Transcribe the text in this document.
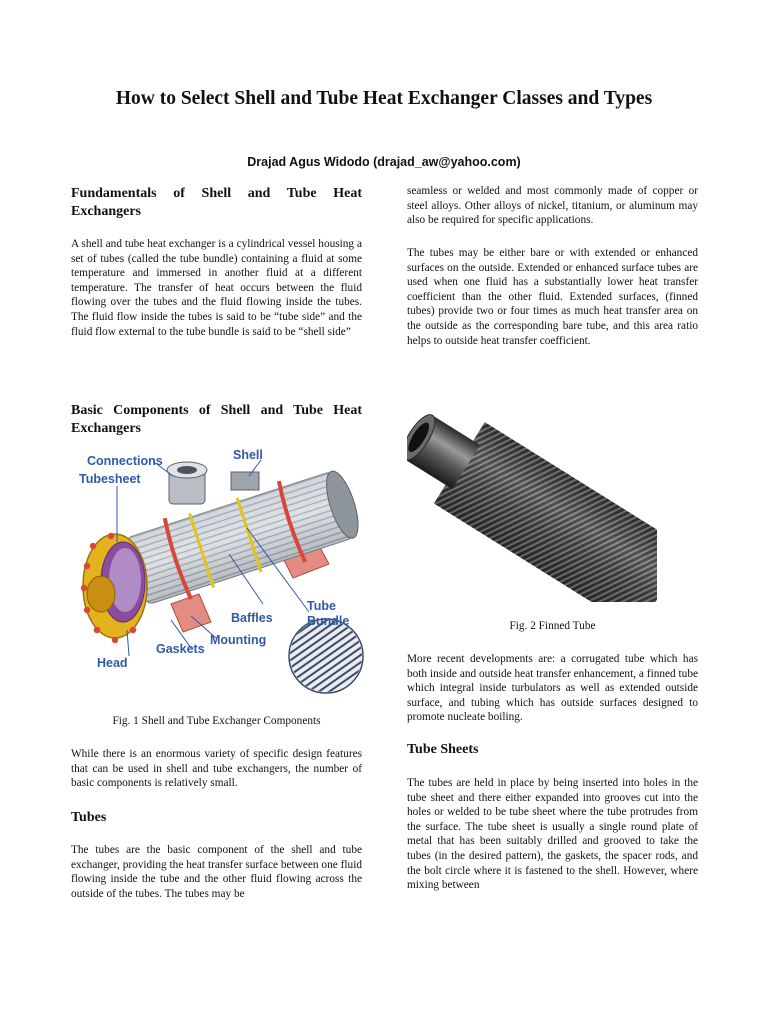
How to Select Shell and Tube Heat Exchanger Classes and Types
Drajad Agus Widodo (drajad_aw@yahoo.com)
Fundamentals of Shell and Tube Heat Exchangers
A shell and tube heat exchanger is a cylindrical vessel housing a set of tubes (called the tube bundle) containing a fluid at some temperature and immersed in another fluid at a different temperature. The transfer of heat occurs between the fluid flowing over the tubes and the fluid flowing inside the tubes. The fluid flow inside the tubes is said to be “tube side” and the fluid flow external to the tube bundle is said to be “shell side”
Basic Components of Shell and Tube Heat Exchangers
Connections
Tubesheet
Shell
Baffles
Tube
Bundle
Mounting
Gaskets
Head
Fig. 1 Shell and Tube Exchanger Components
While there is an enormous variety of specific design features that can be used in shell and tube exchangers, the number of basic components is relatively small.
Tubes
The tubes are the basic component of the shell and tube exchanger, providing the heat transfer surface between one fluid flowing inside the tube and the other fluid flowing across the outside of the tubes. The tubes may be
seamless or welded and most commonly made of copper or steel alloys. Other alloys of nickel, titanium, or aluminum may also be required for specific applications.
The tubes may be either bare or with extended or enhanced surfaces on the outside. Extended or enhanced surface tubes are used when one fluid has a substantially lower heat transfer coefficient than the other fluid. Extended surfaces, (finned tubes) provide two or four times as much heat transfer area on the outside as the corresponding bare tube, and this area ratio helps to outside heat transfer coefficient.
Fig. 2 Finned Tube
More recent developments are: a corrugated tube which has both inside and outside heat transfer enhancement, a finned tube which integral inside turbulators as well as extended outside surface, and tubing which has outside surfaces designed to promote nucleate boiling.
Tube Sheets
The tubes are held in place by being inserted into holes in the tube sheet and there either expanded into grooves cut into the holes or welded to be tube sheet where the tube protrudes from the surface. The tube sheet is usually a single round plate of metal that has been suitably drilled and grooved to take the tubes (in the desired pattern), the gaskets, the spacer rods, and the bolt circle where it is fastened to the shell. However, where mixing between
